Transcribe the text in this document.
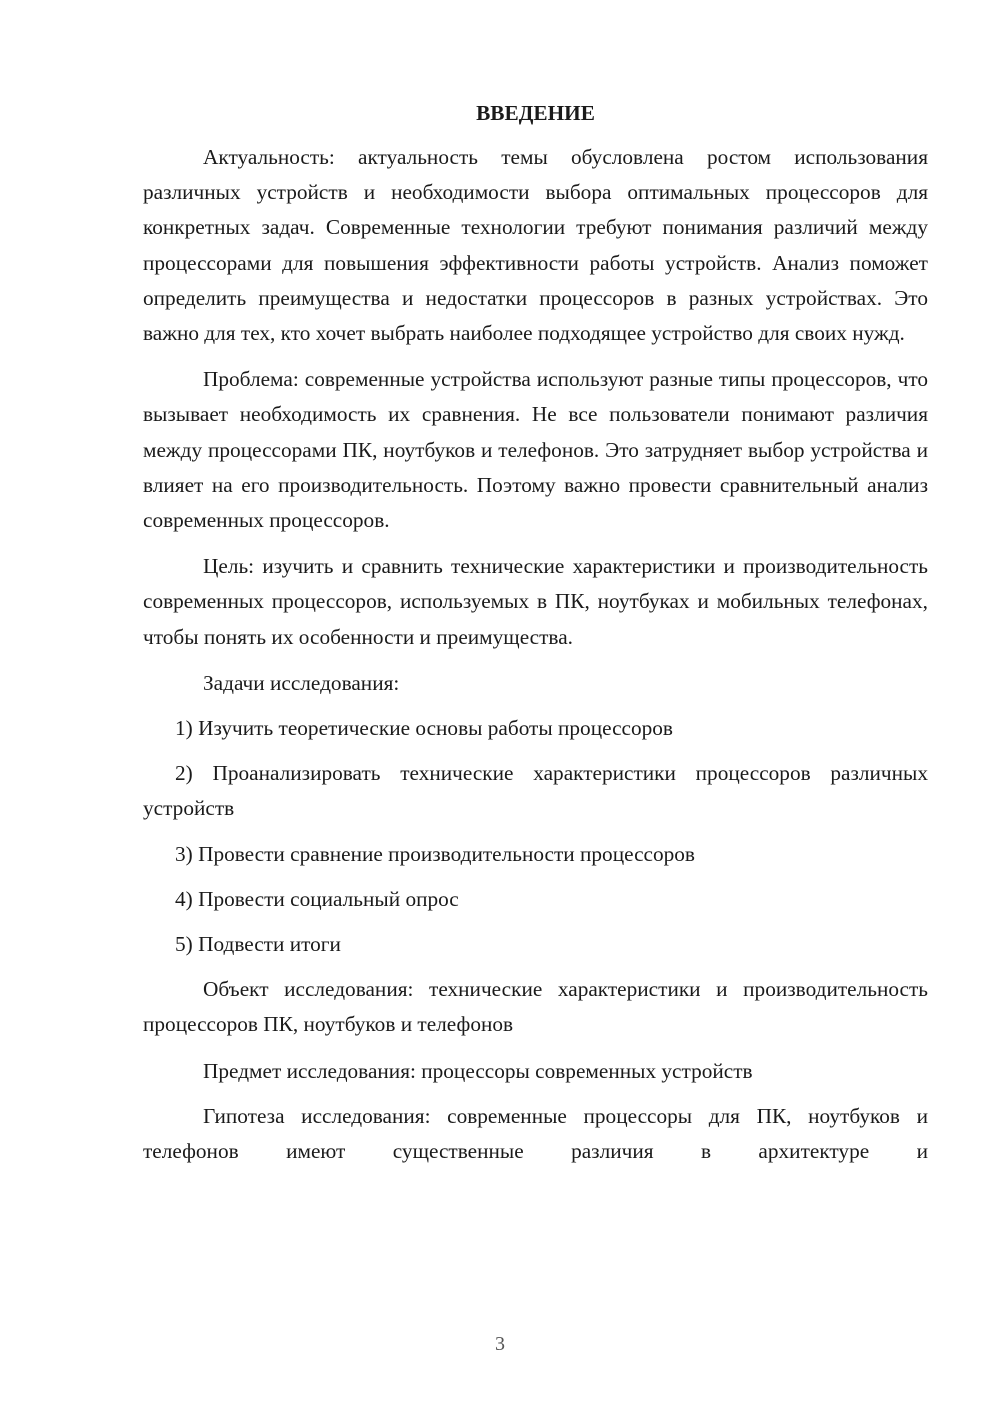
ВВЕДЕНИЕ

Актуальность: актуальность темы обусловлена ростом использования различных устройств и необходимости выбора оптимальных процессоров для конкретных задач. Современные технологии требуют понимания различий между процессорами для повышения эффективности работы устройств. Анализ поможет определить преимущества и недостатки процессоров в разных устройствах. Это важно для тех, кто хочет выбрать наиболее подходящее устройство для своих нужд.

Проблема: современные устройства используют разные типы процессоров, что вызывает необходимость их сравнения. Не все пользователи понимают различия между процессорами ПК, ноутбуков и телефонов. Это затрудняет выбор устройства и влияет на его производительность. Поэтому важно провести сравнительный анализ современных процессоров.

Цель: изучить и сравнить технические характеристики и производительность современных процессоров, используемых в ПК, ноутбуках и мобильных телефонах, чтобы понять их особенности и преимущества.

Задачи исследования:

1) Изучить теоретические основы работы процессоров

2) Проанализировать технические характеристики процессоров различных устройств

3) Провести сравнение производительности процессоров

4) Провести социальный опрос

5) Подвести итоги

Объект исследования: технические характеристики и производительность процессоров ПК, ноутбуков и телефонов

Предмет исследования: процессоры современных устройств

Гипотеза исследования: современные процессоры для ПК, ноутбуков и телефонов имеют существенные различия в архитектуре и

3
